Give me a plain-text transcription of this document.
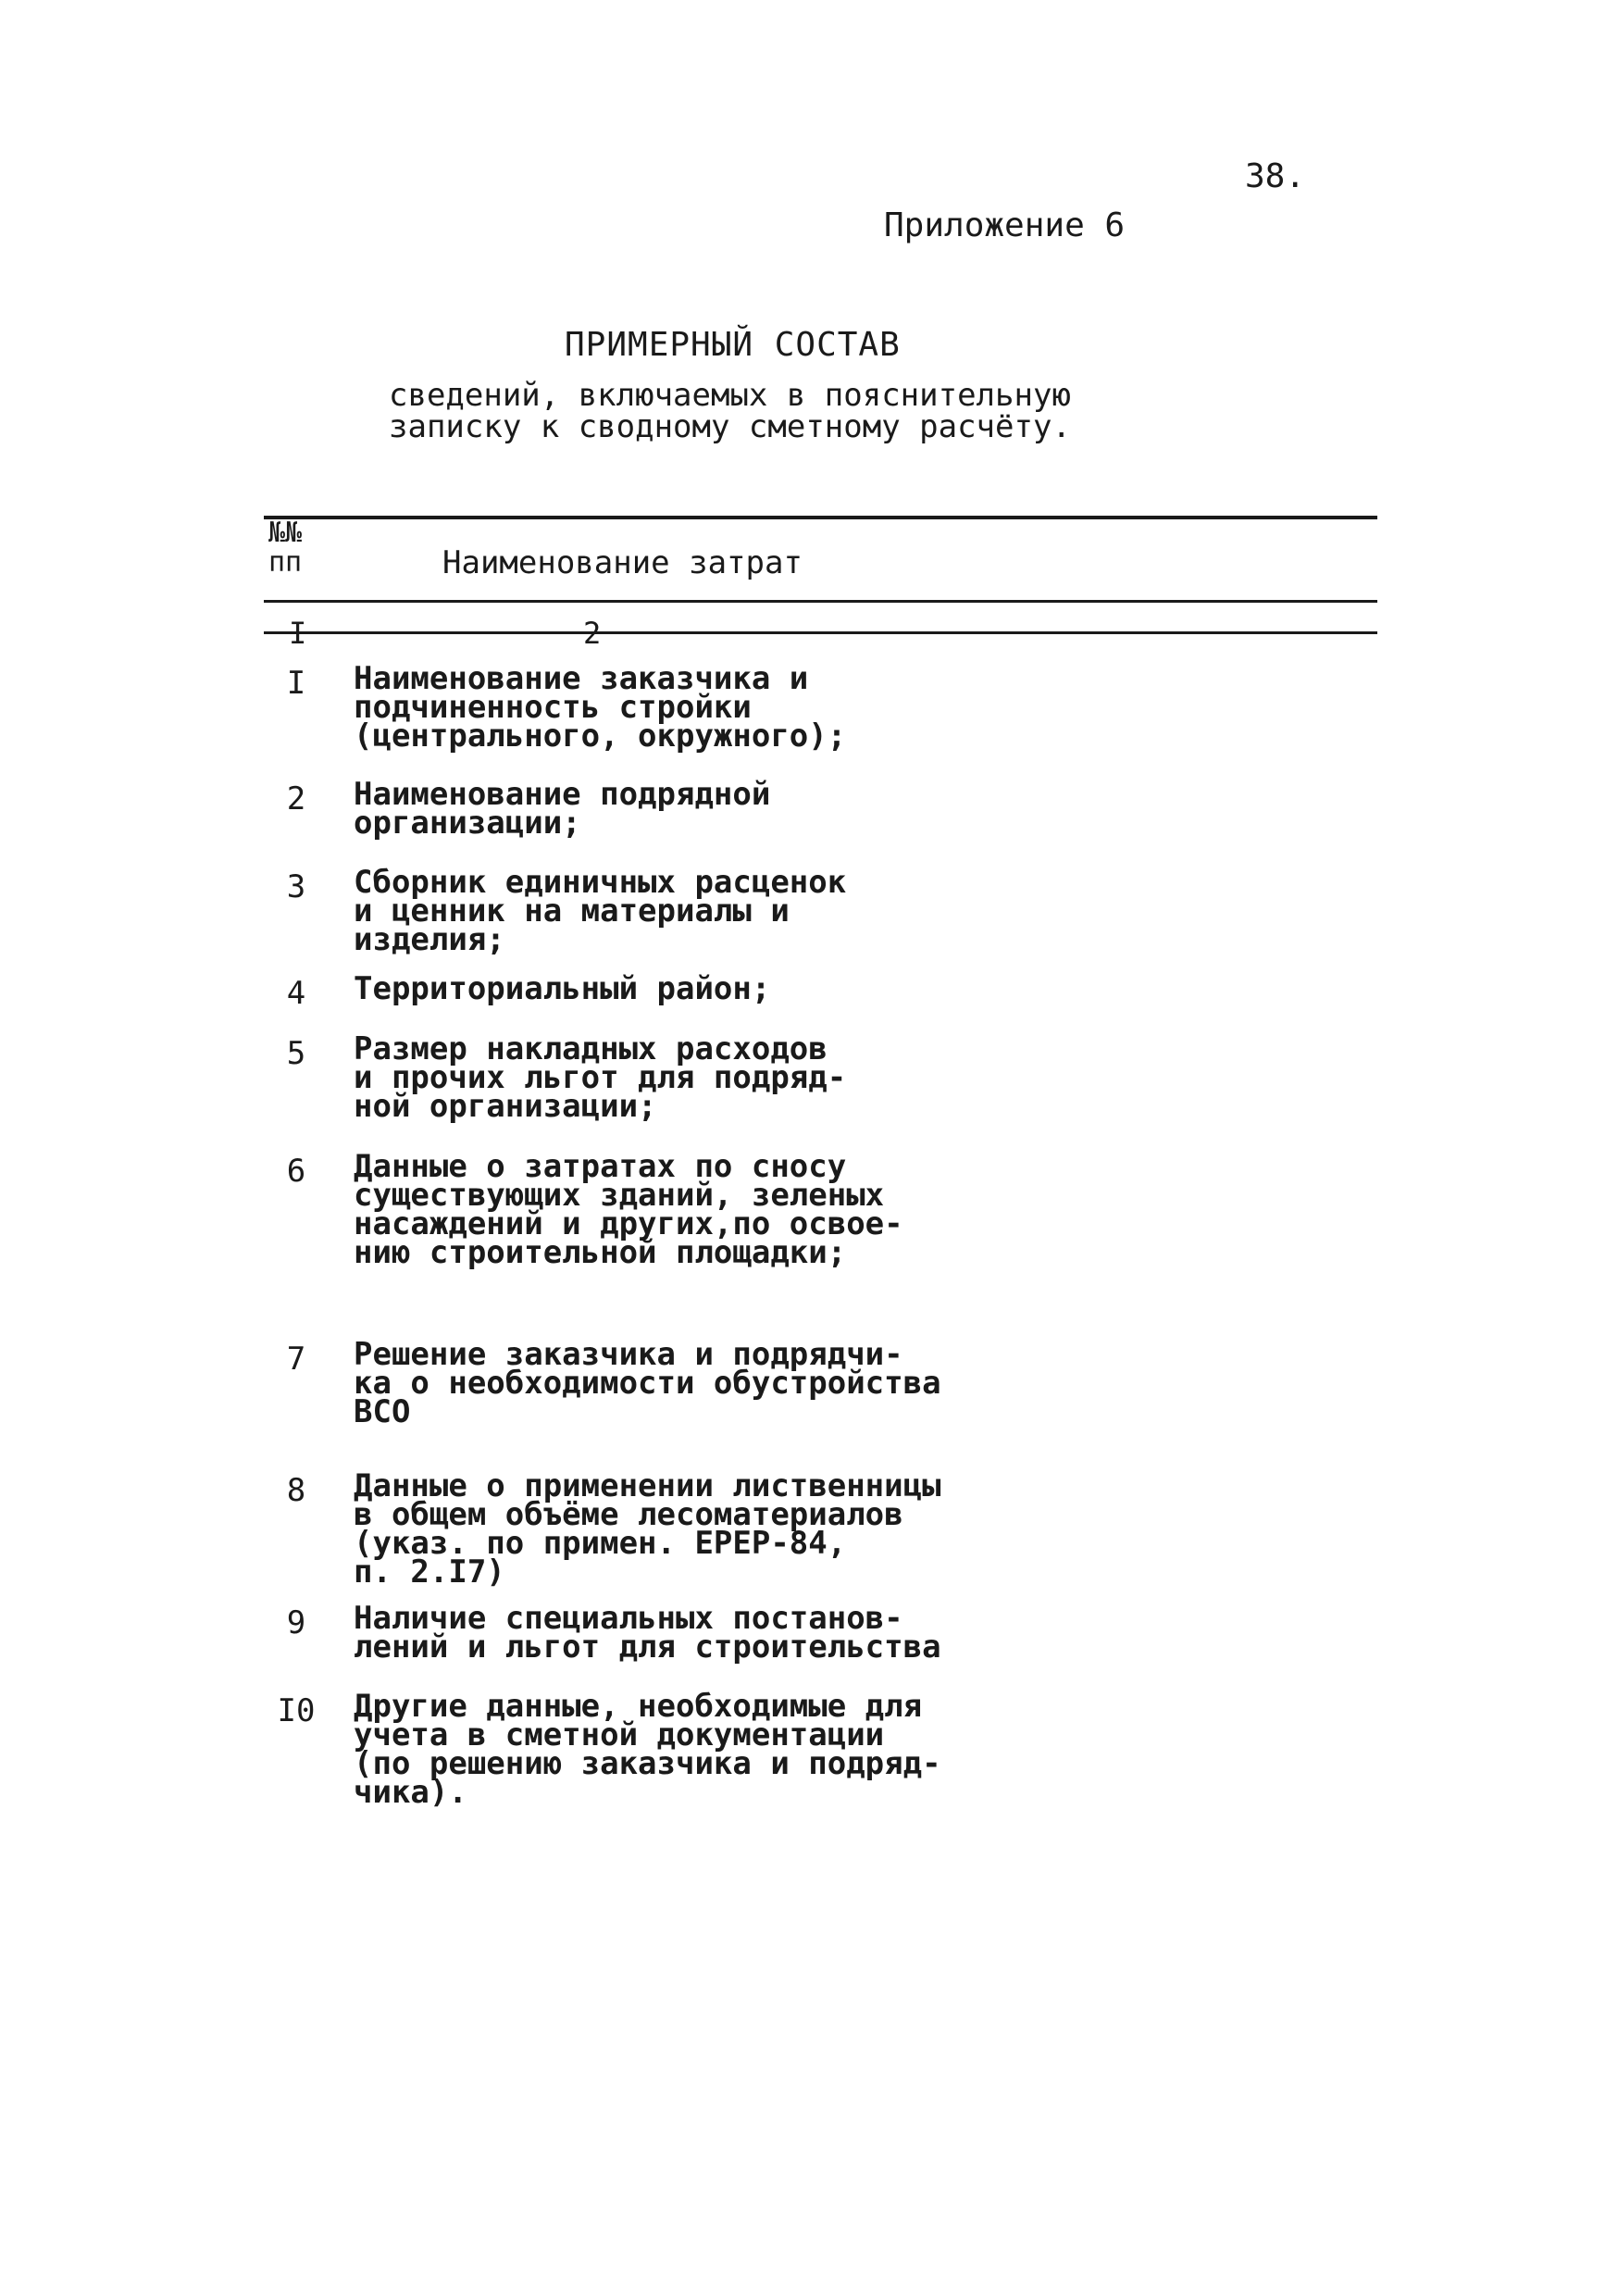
38.
Приложение 6
ПРИМЕРНЫЙ СОСТАВ
сведений, включаемых в пояснительную
записку к сводному сметному расчёту.
№№
пп	Наименование затрат
I	Наименование заказчика и
подчиненность стройки
(центрального, окружного);
2	Наименование подрядной
организации;
3	Сборник единичных расценок
и ценник на материалы и
изделия;
4	Территориальный район;
5	Размер накладных расходов
и прочих льгот для подряд-
ной организации;
6	Данные о затратах по сносу
существующих зданий, зеленых
насаждений и других,по освое-
нию строительной площадки;
7	Решение заказчика и подрядчи-
ка о необходимости обустройства
ВСО
8	Данные о применении лиственницы
в общем объёме лесоматериалов
(указ. по примен. ЕРЕР-84,
п. 2.I7)
9	Наличие специальных постанов-
лений и льгот для строительства
I0 Другие данные, необходимые для
учета в сметной документации
(по решению заказчика и подряд-
чика).
